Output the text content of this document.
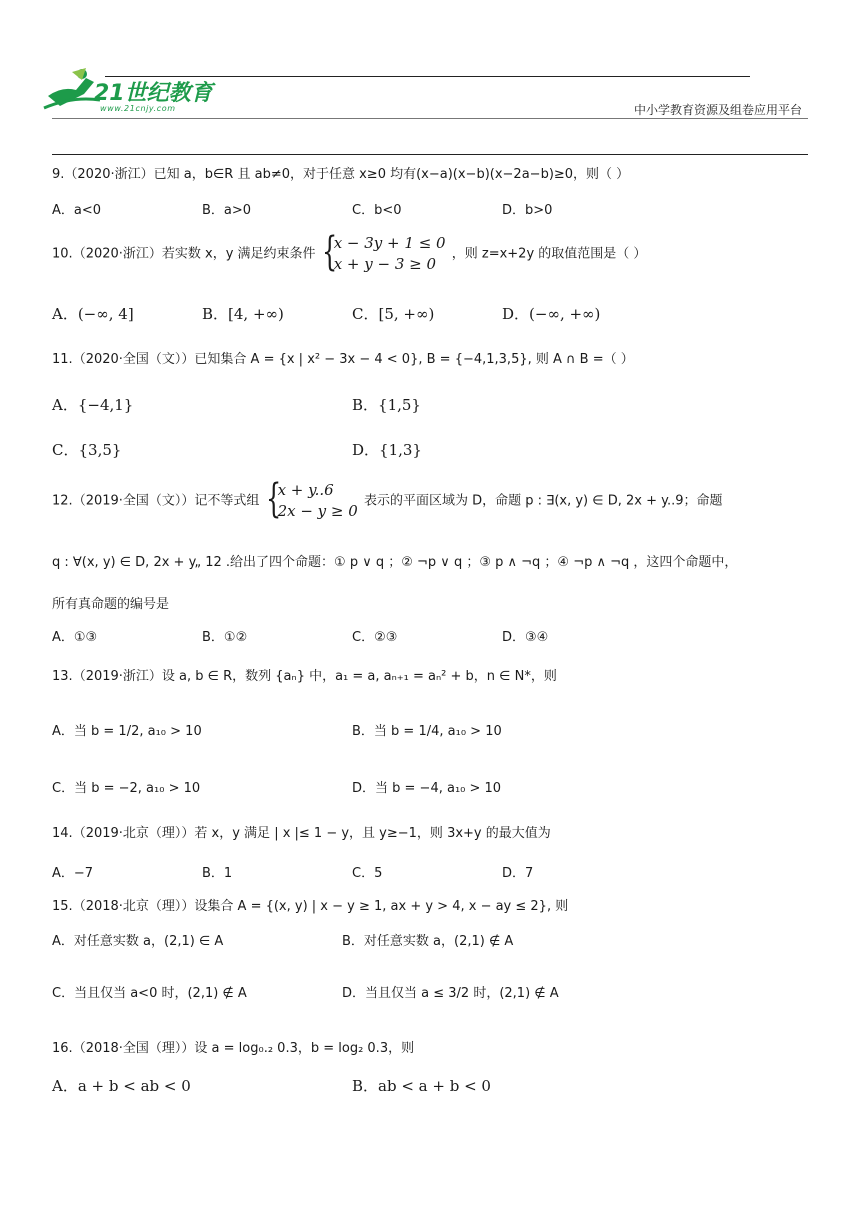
21世纪教育
www.21cnjy.com	中小学教育资源及组卷应用平台
9.（2020·浙江）已知 a，b∈R 且 ab≠0，对于任意 x≥0 均有(x−a)(x−b)(x−2a−b)≥0，则（ ）
A．a<0	B．a>0	C．b<0	D．b>0
10.（2020·浙江）若实数 x，y 满足约束条件 {
x − 3y + 1 ≤ 0
x + y − 3 ≥ 0
，则 z=x+2y 的取值范围是（ ）
A．(−∞, 4]	B．[4, +∞)	C．[5, +∞)	D．(−∞, +∞)
11.（2020·全国（文））已知集合 A = {x | x² − 3x − 4 < 0}, B = {−4,1,3,5}, 则 A ∩ B =（ ）
A．{−4,1}	B．{1,5}
C．{3,5}	D．{1,3}
12.（2019·全国（文））记不等式组 {
x + y..6
2x − y ≥ 0
表示的平面区域为 D，命题 p : ∃(x, y) ∈ D, 2x + y..9；命题
q : ∀(x, y) ∈ D, 2x + y„ 12 .给出了四个命题：① p ∨ q ；② ¬p ∨ q ；③ p ∧ ¬q ；④ ¬p ∧ ¬q ，这四个命题中，
所有真命题的编号是
A．①③	B．①②	C．②③	D．③④
13.（2019·浙江）设 a, b ∈ R，数列 {aₙ} 中，a₁ = a, aₙ₊₁ = aₙ² + b，n ∈ N*，则
A．当 b = 1/2, a₁₀ > 10	B．当 b = 1/4, a₁₀ > 10
C．当 b = −2, a₁₀ > 10	D．当 b = −4, a₁₀ > 10
14.（2019·北京（理））若 x，y 满足 | x |≤ 1 − y，且 y≥−1，则 3x+y 的最大值为
A．−7	B．1	C．5	D．7
15.（2018·北京（理））设集合 A = {(x, y) | x − y ≥ 1, ax + y > 4, x − ay ≤ 2}, 则
A．对任意实数 a，(2,1) ∈ A	B．对任意实数 a，(2,1) ∉ A
C．当且仅当 a<0 时，(2,1) ∉ A	D．当且仅当 a ≤ 3/2 时，(2,1) ∉ A
16.（2018·全国（理））设 a = log₀.₂ 0.3，b = log₂ 0.3，则
A．a + b < ab < 0	B．ab < a + b < 0
